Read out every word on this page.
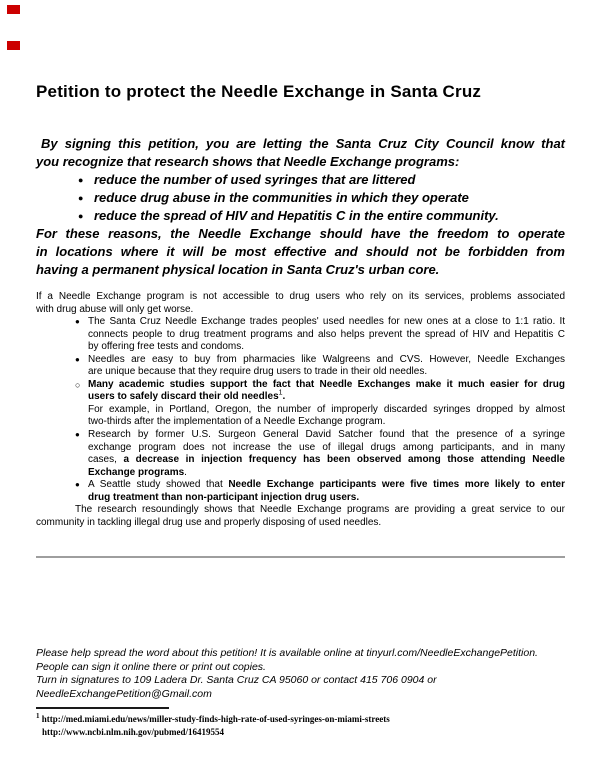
Petition to protect the Needle Exchange in Santa Cruz
By signing this petition, you are letting the Santa Cruz City Council know that
you recognize that research shows that Needle Exchange programs:
● reduce the number of used syringes that are littered
● reduce drug abuse in the communities in which they operate
● reduce the spread of HIV and Hepatitis C in the entire community.
For these reasons, the Needle Exchange should have the freedom to operate
in locations where it will be most effective and should not be forbidden from
having a permanent physical location in Santa Cruz's urban core.
If a Needle Exchange program is not accessible to drug users who rely on its services, problems associated
with drug abuse will only get worse.
● The Santa Cruz Needle Exchange trades peoples' used needles for new ones at a close to 1:1 ratio. It
connects people to drug treatment programs and also helps prevent the spread of HIV and Hepatitis C
by offering free tests and condoms.
● Needles are easy to buy from pharmacies like Walgreens and CVS. However, Needle Exchanges
are unique because that they require drug users to trade in their old needles.
○ Many academic studies support the fact that Needle Exchanges make it much easier for drug
users to safely discard their old needles$^1$.
For example, in Portland, Oregon, the number of improperly discarded syringes dropped by almost
two-thirds after the implementation of a Needle Exchange program.
● Research by former U.S. Surgeon General David Satcher found that the presence of a syringe
exchange program does not increase the use of illegal drugs among participants, and in many
cases, a decrease in injection frequency has been observed among those attending Needle
Exchange programs.
● A Seattle study showed that Needle Exchange participants were five times more likely to enter
drug treatment than non-participant injection drug users.
The research resoundingly shows that Needle Exchange programs are providing a great service to our
community in tackling illegal drug use and properly disposing of used needles.
Please help spread the word about this petition! It is available online at tinyurl.com/NeedleExchangePetition.
People can sign it online there or print out copies.
Turn in signatures to 109 Ladera Dr. Santa Cruz CA 95060 or contact 415 706 0904 or
NeedleExchangePetition@Gmail.com
$^1$ http://med.miami.edu/news/miller-study-finds-high-rate-of-used-syringes-on-miami-streets
http://www.ncbi.nlm.nih.gov/pubmed/16419554
